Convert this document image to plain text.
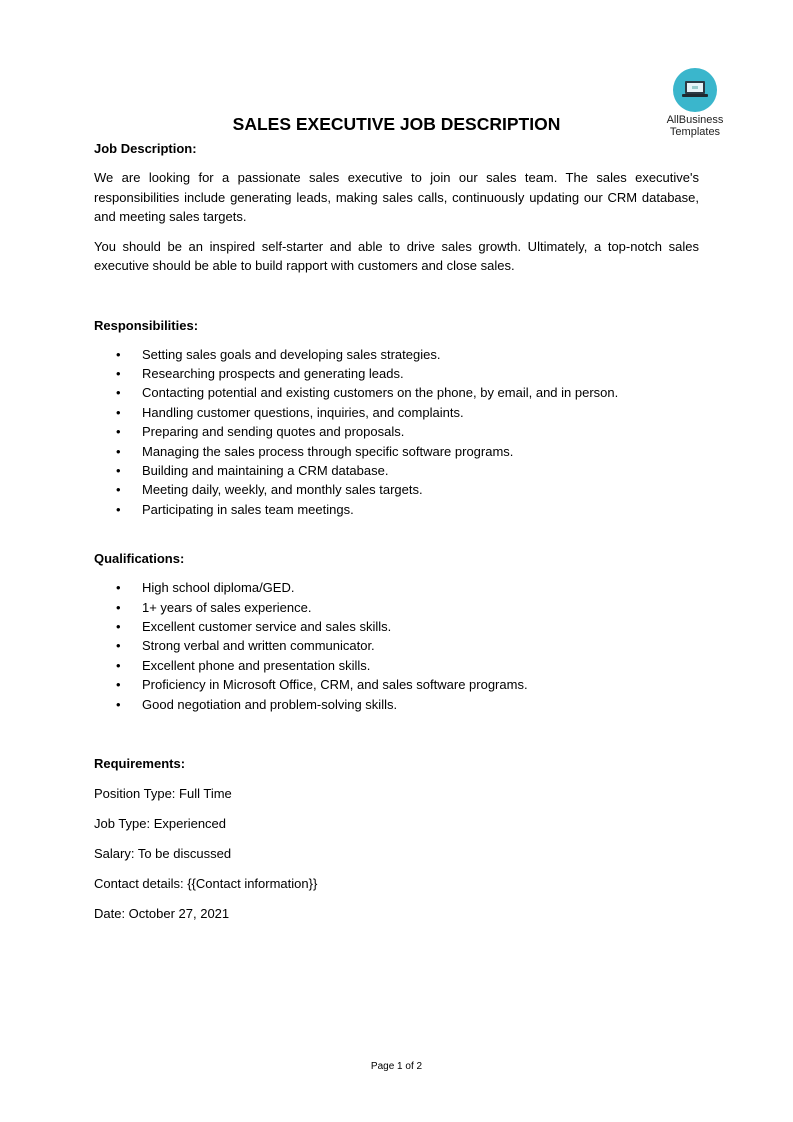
AllBusiness
Templates
SALES EXECUTIVE JOB DESCRIPTION

Job Description:

We are looking for a passionate sales executive to join our sales team. The sales executive's responsibilities include generating leads, making sales calls, continuously updating our CRM database, and meeting sales targets.

You should be an inspired self-starter and able to drive sales growth. Ultimately, a top-notch sales executive should be able to build rapport with customers and close sales.

Responsibilities:

• Setting sales goals and developing sales strategies.
• Researching prospects and generating leads.
• Contacting potential and existing customers on the phone, by email, and in person.
• Handling customer questions, inquiries, and complaints.
• Preparing and sending quotes and proposals.
• Managing the sales process through specific software programs.
• Building and maintaining a CRM database.
• Meeting daily, weekly, and monthly sales targets.
• Participating in sales team meetings.

Qualifications:

• High school diploma/GED.
• 1+ years of sales experience.
• Excellent customer service and sales skills.
• Strong verbal and written communicator.
• Excellent phone and presentation skills.
• Proficiency in Microsoft Office, CRM, and sales software programs.
• Good negotiation and problem-solving skills.

Requirements:

Position Type: Full Time

Job Type: Experienced

Salary: To be discussed

Contact details: {{Contact information}}

Date: October 27, 2021

Page 1 of 2
